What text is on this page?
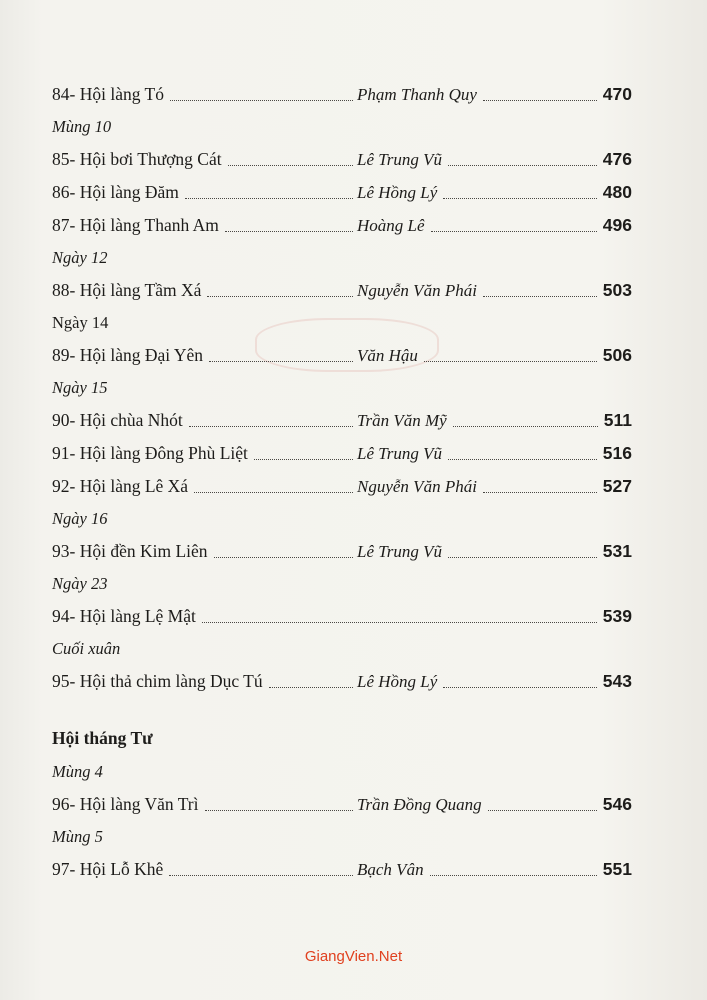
84- Hội làng Tó	Phạm Thanh Quy	470
Mùng 10
85- Hội bơi Thượng Cát	Lê Trung Vũ	476
86- Hội làng Đăm	Lê Hồng Lý	480
87- Hội làng Thanh Am	Hoàng Lê	496
Ngày 12
88- Hội làng Tầm Xá	Nguyễn Văn Phái	503
Ngày 14
89- Hội làng Đại Yên	Văn Hậu	506
Ngày 15
90- Hội chùa Nhót	Trần Văn Mỹ	511
91- Hội làng Đông Phù Liệt	Lê Trung Vũ	516
92- Hội làng Lê Xá	Nguyễn Văn Phái	527
Ngày 16
93- Hội đền Kim Liên	Lê Trung Vũ	531
Ngày 23
94- Hội làng Lệ Mật	539
Cuối xuân
95- Hội thả chim làng Dục Tú	Lê Hồng Lý	543
Hội tháng Tư
Mùng 4
96- Hội làng Văn Trì	Trần Đồng Quang	546
Mùng 5
97- Hội Lỗ Khê	Bạch Vân	551
GiangVien.Net
